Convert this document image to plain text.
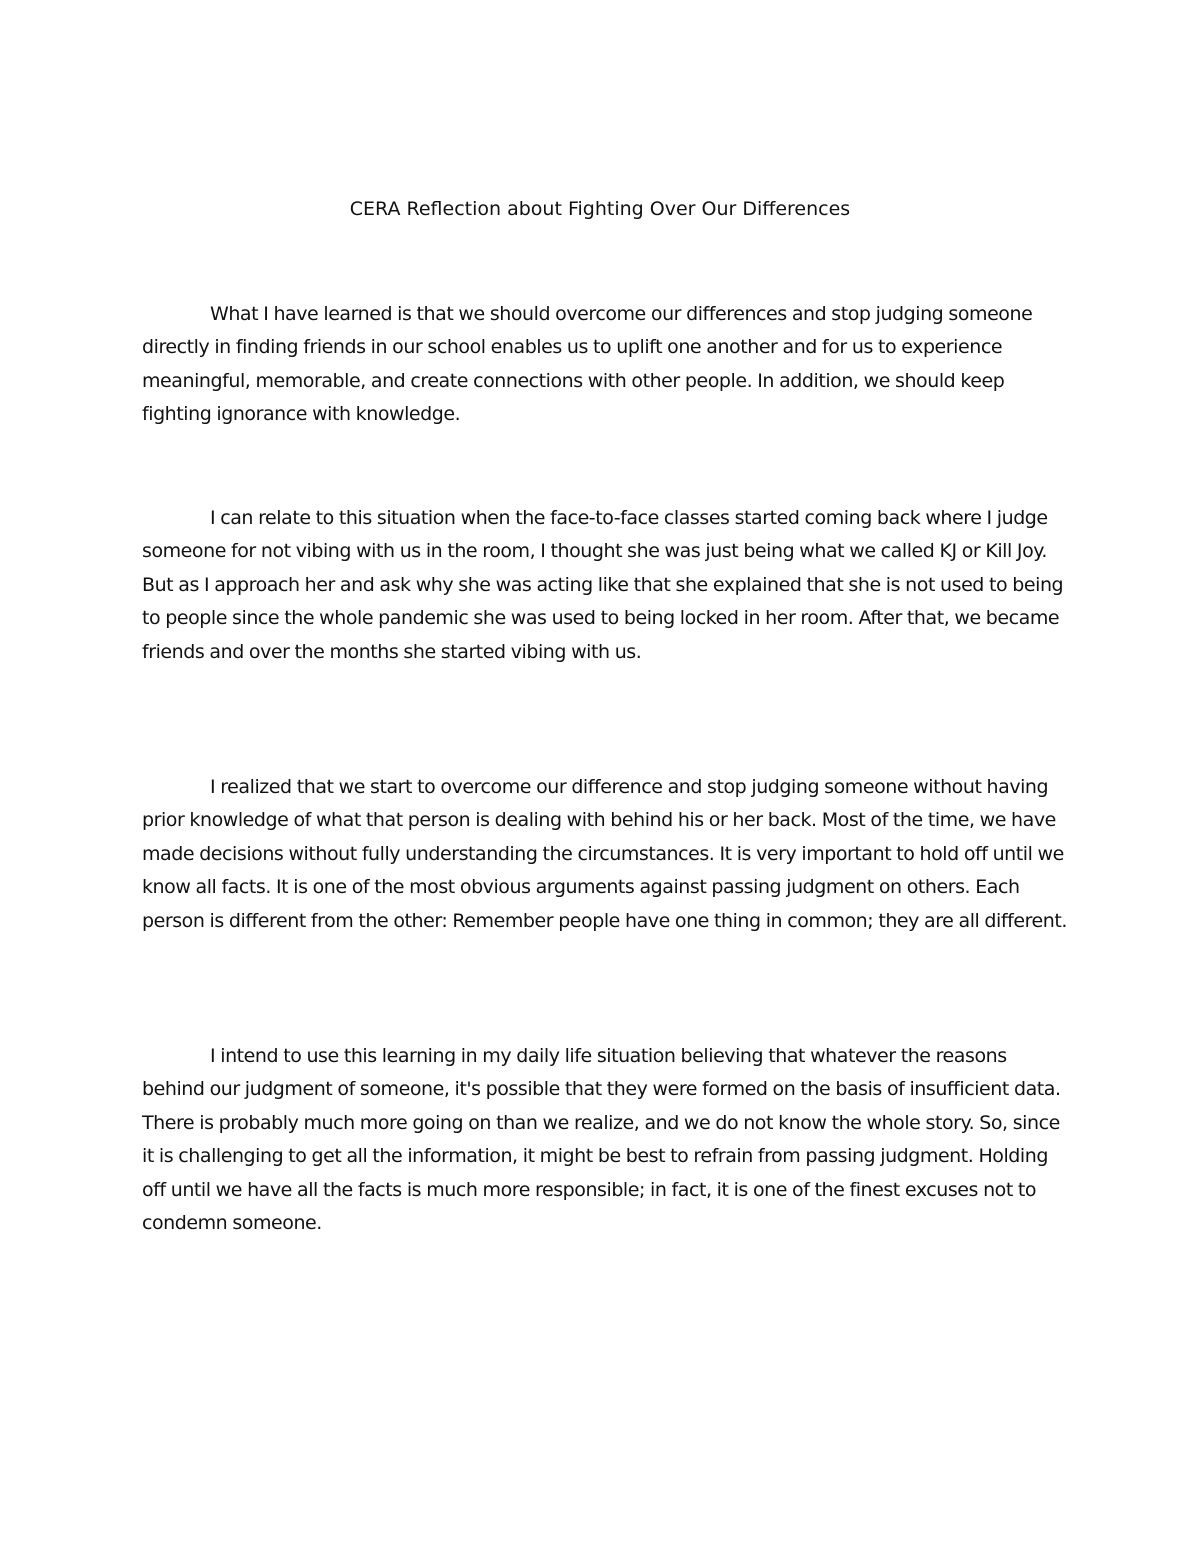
CERA Reflection about Fighting Over Our Differences

What I have learned is that we should overcome our differences and stop judging someone directly in finding friends in our school enables us to uplift one another and for us to experience meaningful, memorable, and create connections with other people. In addition, we should keep fighting ignorance with knowledge.

I can relate to this situation when the face-to-face classes started coming back where I judge someone for not vibing with us in the room, I thought she was just being what we called KJ or Kill Joy. But as I approach her and ask why she was acting like that she explained that she is not used to being to people since the whole pandemic she was used to being locked in her room. After that, we became friends and over the months she started vibing with us.

I realized that we start to overcome our difference and stop judging someone without having prior knowledge of what that person is dealing with behind his or her back. Most of the time, we have made decisions without fully understanding the circumstances. It is very important to hold off until we know all facts. It is one of the most obvious arguments against passing judgment on others. Each person is different from the other: Remember people have one thing in common; they are all different.

I intend to use this learning in my daily life situation believing that whatever the reasons behind our judgment of someone, it's possible that they were formed on the basis of insufficient data. There is probably much more going on than we realize, and we do not know the whole story. So, since it is challenging to get all the information, it might be best to refrain from passing judgment. Holding off until we have all the facts is much more responsible; in fact, it is one of the finest excuses not to condemn someone.
